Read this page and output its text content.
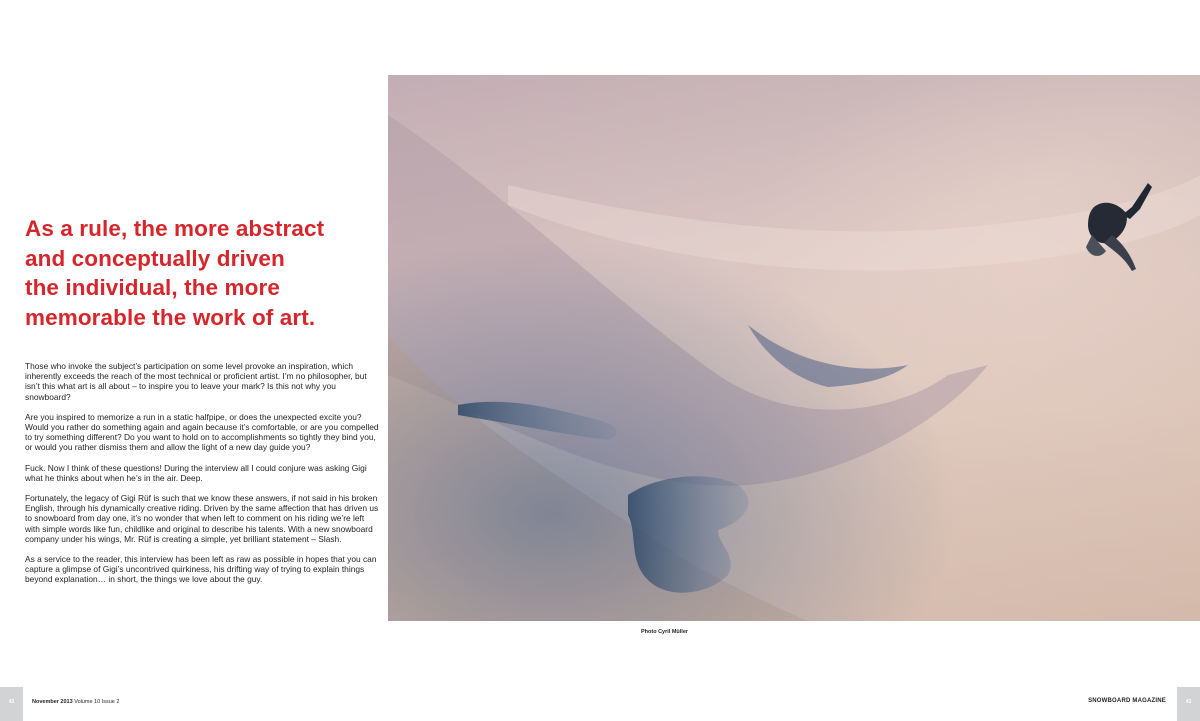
As a rule, the more abstract
and conceptually driven
the individual, the more
memorable the work of art.

Those who invoke the subject’s participation on some level provoke an inspiration, which inherently exceeds the reach of the most technical or proficient artist. I’m no philosopher, but isn’t this what art is all about – to inspire you to leave your mark? Is this not why you snowboard?

Are you inspired to memorize a run in a static halfpipe, or does the unexpected excite you? Would you rather do something again and again because it’s comfortable, or are you compelled to try something different? Do you want to hold on to accomplishments so tightly they bind you, or would you rather dismiss them and allow the light of a new day guide you?

Fuck. Now I think of these questions! During the interview all I could conjure was asking Gigi what he thinks about when he’s in the air. Deep.

Fortunately, the legacy of Gigi Rüf is such that we know these answers, if not said in his broken English, through his dynamically creative riding. Driven by the same affection that has driven us to snowboard from day one, it’s no wonder that when left to comment on his riding we’re left with simple words like fun, childlike and original to describe his talents. With a new snowboard company under his wings, Mr. Rüf is creating a simple, yet brilliant statement – Slash.

As a service to the reader, this interview has been left as raw as possible in hopes that you can capture a glimpse of Gigi’s uncontrived quirkiness, his drifting way of trying to explain things beyond explanation… in short, the things we love about the guy.

Photo Cyril Müller
42	November 2013 Volume 10 Issue 2	SNOWBOARD MAGAZINE	43
